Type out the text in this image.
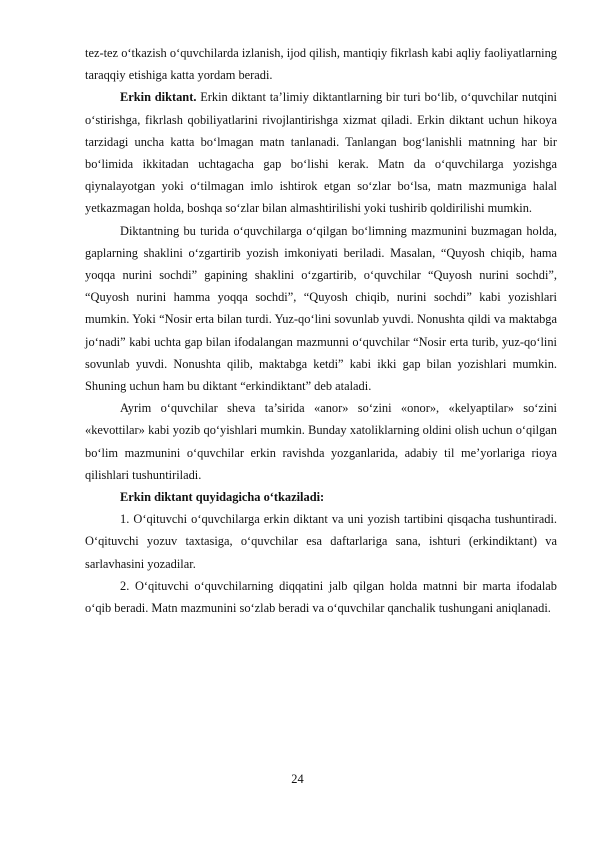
tez-tez o‘tkazish o‘quvchilarda izlanish, ijod qilish, mantiqiy fikrlash kabi aqliy faoliyatlarning taraqqiy etishiga katta yordam beradi.

Erkin diktant. Erkin diktant ta’limiy diktantlarning bir turi bo‘lib, o‘quvchilar nutqini o‘stirishga, fikrlash qobiliyatlarini rivojlantirishga xizmat qiladi. Erkin diktant uchun hikoya tarzidagi uncha katta bo‘lmagan matn tanlanadi. Tanlangan bog‘lanishli matnning har bir bo‘limida ikkitadan uchtagacha gap bo‘lishi kerak. Matn da o‘quvchilarga yozishga qiynalayotgan yoki o‘tilmagan imlo ishtirok etgan so‘zlar bo‘lsa, matn mazmuniga halal yetkazmagan holda, boshqa so‘zlar bilan almashtirilishi yoki tushirib qoldirilishi mumkin.

Diktantning bu turida o‘quvchilarga o‘qilgan bo‘limning mazmunini buzmagan holda, gaplarning shaklini o‘zgartirib yozish imkoniyati beriladi. Masalan, “Quyosh chiqib, hama yoqqa nurini sochdi” gapining shaklini o‘zgartirib, o‘quvchilar “Quyosh nurini sochdi”, “Quyosh nurini hamma yoqqa sochdi”, “Quyosh chiqib, nurini sochdi” kabi yozishlari mumkin. Yoki “Nosir erta bilan turdi. Yuz-qo‘lini sovunlab yuvdi. Nonushta qildi va maktabga jo‘nadi” kabi uchta gap bilan ifodalangan mazmunni o‘quvchilar “Nosir erta turib, yuz-qo‘lini sovunlab yuvdi. Nonushta qilib, maktabga ketdi” kabi ikki gap bilan yozishlari mumkin. Shuning uchun ham bu diktant “erkindiktant” deb ataladi.

Ayrim o‘quvchilar sheva ta’sirida «anor» so‘zini «onor», «kelyaptilar» so‘zini «kevottilar» kabi yozib qo‘yishlari mumkin. Bunday xatoliklarning oldini olish uchun o‘qilgan bo‘lim mazmunini o‘quvchilar erkin ravishda yozganlarida, adabiy til me’yorlariga rioya qilishlari tushuntiriladi.

Erkin diktant quyidagicha o‘tkaziladi:

1. O‘qituvchi o‘quvchilarga erkin diktant va uni yozish tartibini qisqacha tushuntiradi. O‘qituvchi yozuv taxtasiga, o‘quvchilar esa daftarlariga sana, ishturi (erkindiktant) va sarlavhasini yozadilar.

2. O‘qituvchi o‘quvchilarning diqqatini jalb qilgan holda matnni bir marta ifodalab o‘qib beradi. Matn mazmunini so‘zlab beradi va o‘quvchilar qanchalik tushungani aniqlanadi.

24
